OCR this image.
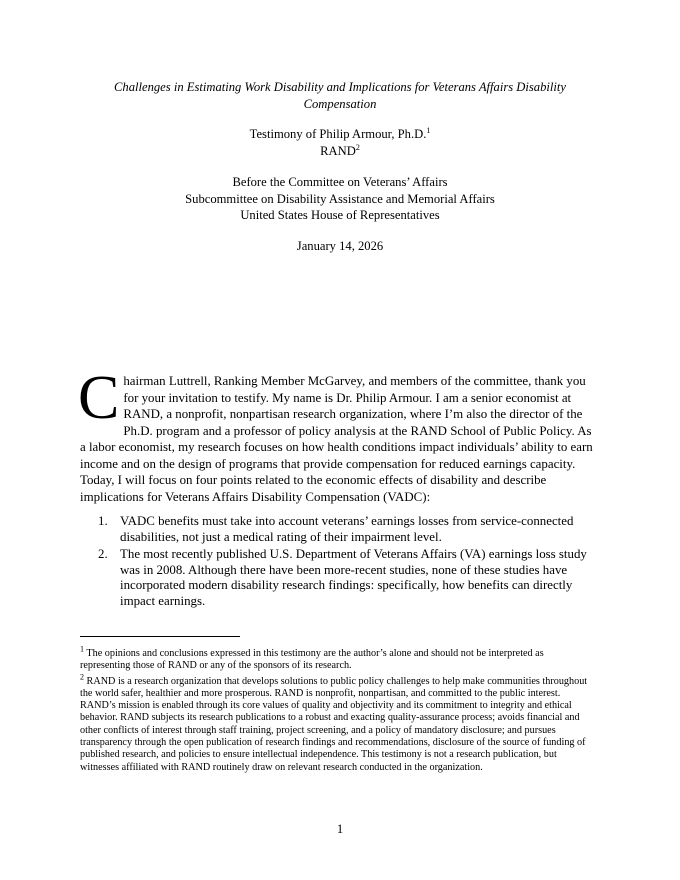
Challenges in Estimating Work Disability and Implications for Veterans Affairs Disability Compensation
Testimony of Philip Armour, Ph.D.$^1$
RAND$^2$
Before the Committee on Veterans’ Affairs
Subcommittee on Disability Assistance and Memorial Affairs
United States House of Representatives
January 14, 2026
Chairman Luttrell, Ranking Member McGarvey, and members of the committee, thank you for your invitation to testify. My name is Dr. Philip Armour. I am a senior economist at RAND, a nonprofit, nonpartisan research organization, where I’m also the director of the Ph.D. program and a professor of policy analysis at the RAND School of Public Policy. As a labor economist, my research focuses on how health conditions impact individuals’ ability to earn income and on the design of programs that provide compensation for reduced earnings capacity. Today, I will focus on four points related to the economic effects of disability and describe implications for Veterans Affairs Disability Compensation (VADC):
1. VADC benefits must take into account veterans’ earnings losses from service-connected disabilities, not just a medical rating of their impairment level.
2. The most recently published U.S. Department of Veterans Affairs (VA) earnings loss study was in 2008. Although there have been more-recent studies, none of these studies have incorporated modern disability research findings: specifically, how benefits can directly impact earnings.
$^1$ The opinions and conclusions expressed in this testimony are the author’s alone and should not be interpreted as representing those of RAND or any of the sponsors of its research.
$^2$ RAND is a research organization that develops solutions to public policy challenges to help make communities throughout the world safer, healthier and more prosperous. RAND is nonprofit, nonpartisan, and committed to the public interest. RAND’s mission is enabled through its core values of quality and objectivity and its commitment to integrity and ethical behavior. RAND subjects its research publications to a robust and exacting quality-assurance process; avoids financial and other conflicts of interest through staff training, project screening, and a policy of mandatory disclosure; and pursues transparency through the open publication of research findings and recommendations, disclosure of the source of funding of published research, and policies to ensure intellectual independence. This testimony is not a research publication, but witnesses affiliated with RAND routinely draw on relevant research conducted in the organization.
1
